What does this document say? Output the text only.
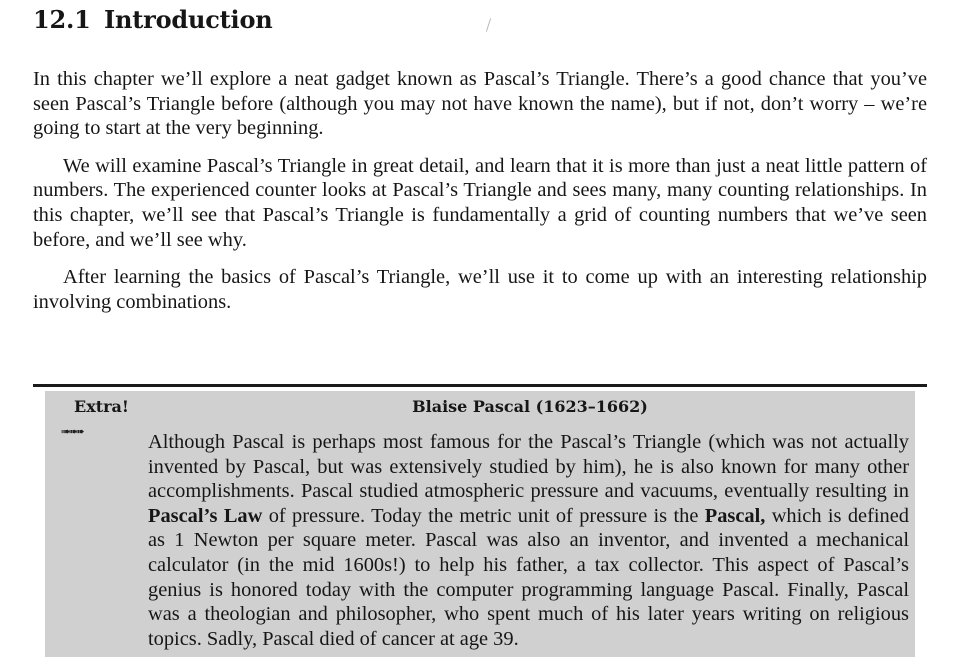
12.1 Introduction

In this chapter we’ll explore a neat gadget known as Pascal’s Triangle. There’s a good chance that you’ve seen Pascal’s Triangle before (although you may not have known the name), but if not, don’t worry – we’re going to start at the very beginning.

We will examine Pascal’s Triangle in great detail, and learn that it is more than just a neat little pattern of numbers. The experienced counter looks at Pascal’s Triangle and sees many, many counting relationships. In this chapter, we’ll see that Pascal’s Triangle is fundamentally a grid of counting numbers that we’ve seen before, and we’ll see why.

After learning the basics of Pascal’s Triangle, we’ll use it to come up with an interesting relationship involving combinations.

Extra!	Blaise Pascal (1623–1662)
➠➠➠	Although Pascal is perhaps most famous for the Pascal’s Triangle (which was not actually invented by Pascal, but was extensively studied by him), he is also known for many other accomplishments. Pascal studied atmospheric pressure and vacuums, eventually resulting in Pascal’s Law of pressure. Today the metric unit of pressure is the Pascal, which is defined as 1 Newton per square meter. Pascal was also an inventor, and invented a mechanical calculator (in the mid 1600s!) to help his father, a tax collector. This aspect of Pascal’s genius is honored today with the computer programming language Pascal. Finally, Pascal was a theologian and philosopher, who spent much of his later years writing on religious topics. Sadly, Pascal died of cancer at age 39.
